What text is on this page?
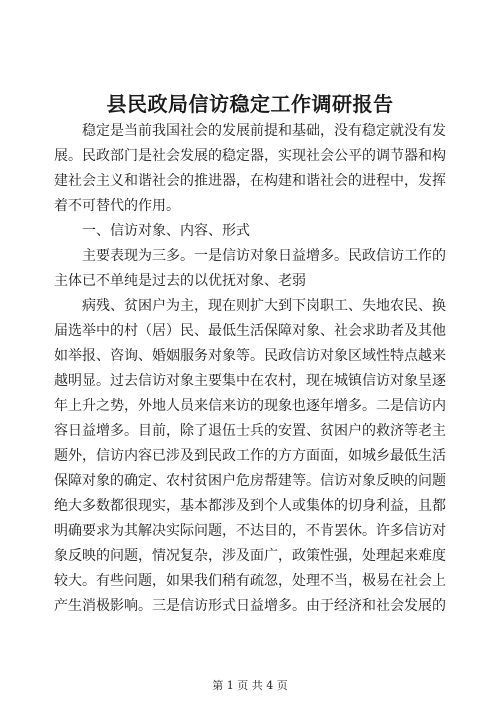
县民政局信访稳定工作调研报告

稳定是当前我国社会的发展前提和基础，没有稳定就没有发

展。民政部门是社会发展的稳定器，实现社会公平的调节器和构

建社会主义和谐社会的推进器，在构建和谐社会的进程中，发挥

着不可替代的作用。

一、信访对象、内容、形式

主要表现为三多。一是信访对象日益增多。民政信访工作的

主体已不单纯是过去的以优抚对象、老弱

病残、贫困户为主，现在则扩大到下岗职工、失地农民、换

届选举中的村（居）民、最低生活保障对象、社会求助者及其他

如举报、咨询、婚姻服务对象等。民政信访对象区域性特点越来

越明显。过去信访对象主要集中在农村，现在城镇信访对象呈逐

年上升之势，外地人员来信来访的现象也逐年增多。二是信访内

容日益增多。目前，除了退伍士兵的安置、贫困户的救济等老主

题外，信访内容已涉及到民政工作的方方面面，如城乡最低生活

保障对象的确定、农村贫困户危房帮建等。信访对象反映的问题

绝大多数都很现实，基本都涉及到个人或集体的切身利益，且都

明确要求为其解决实际问题，不达目的，不肯罢休。许多信访对

象反映的问题，情况复杂，涉及面广，政策性强，处理起来难度

较大。有些问题，如果我们稍有疏忽，处理不当，极易在社会上

产生消极影响。三是信访形式日益增多。由于经济和社会发展的

第 1 页 共 4 页
